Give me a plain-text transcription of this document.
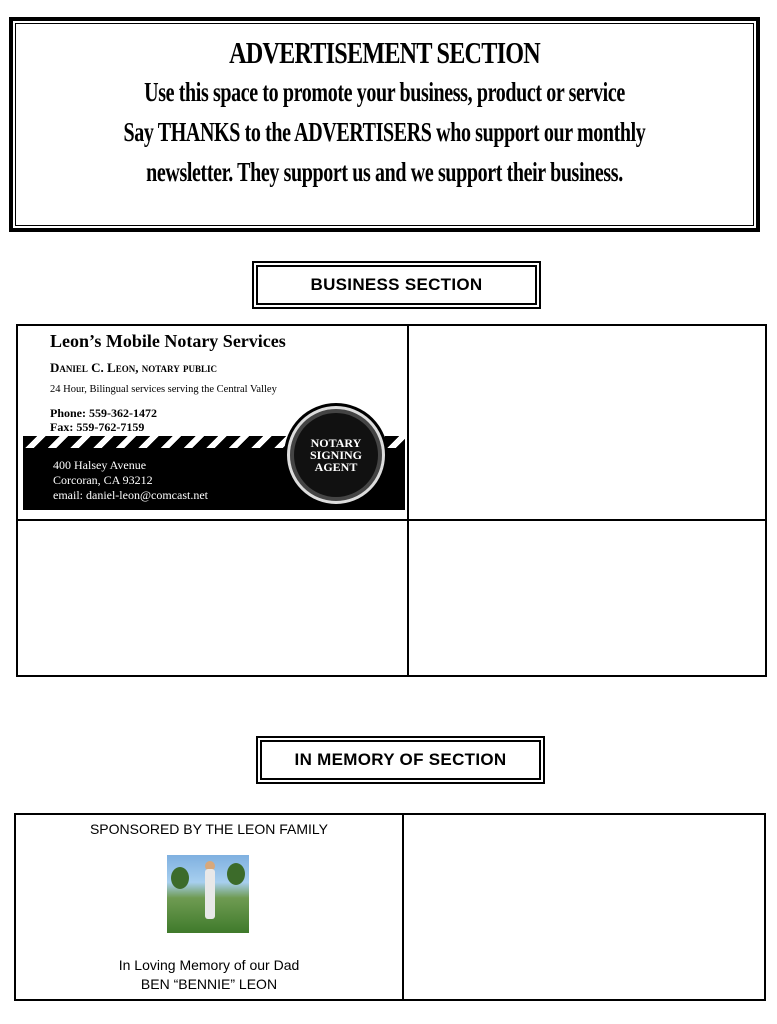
ADVERTISEMENT SECTION
Use this space to promote your business, product or service
Say THANKS to the ADVERTISERS who support our monthly
newsletter. They support us and we support their business.
BUSINESS SECTION
Leon’s Mobile Notary Services
Daniel C. Leon, notary public
24 Hour, Bilingual services serving the Central Valley
Phone: 559-362-1472
Fax: 559-762-7159
400 Halsey Avenue
Corcoran, CA 93212
email: daniel-leon@comcast.net
NOTARY
SIGNING
AGENT
IN MEMORY OF SECTION
SPONSORED BY THE LEON FAMILY
In Loving Memory of our Dad
BEN “BENNIE” LEON
